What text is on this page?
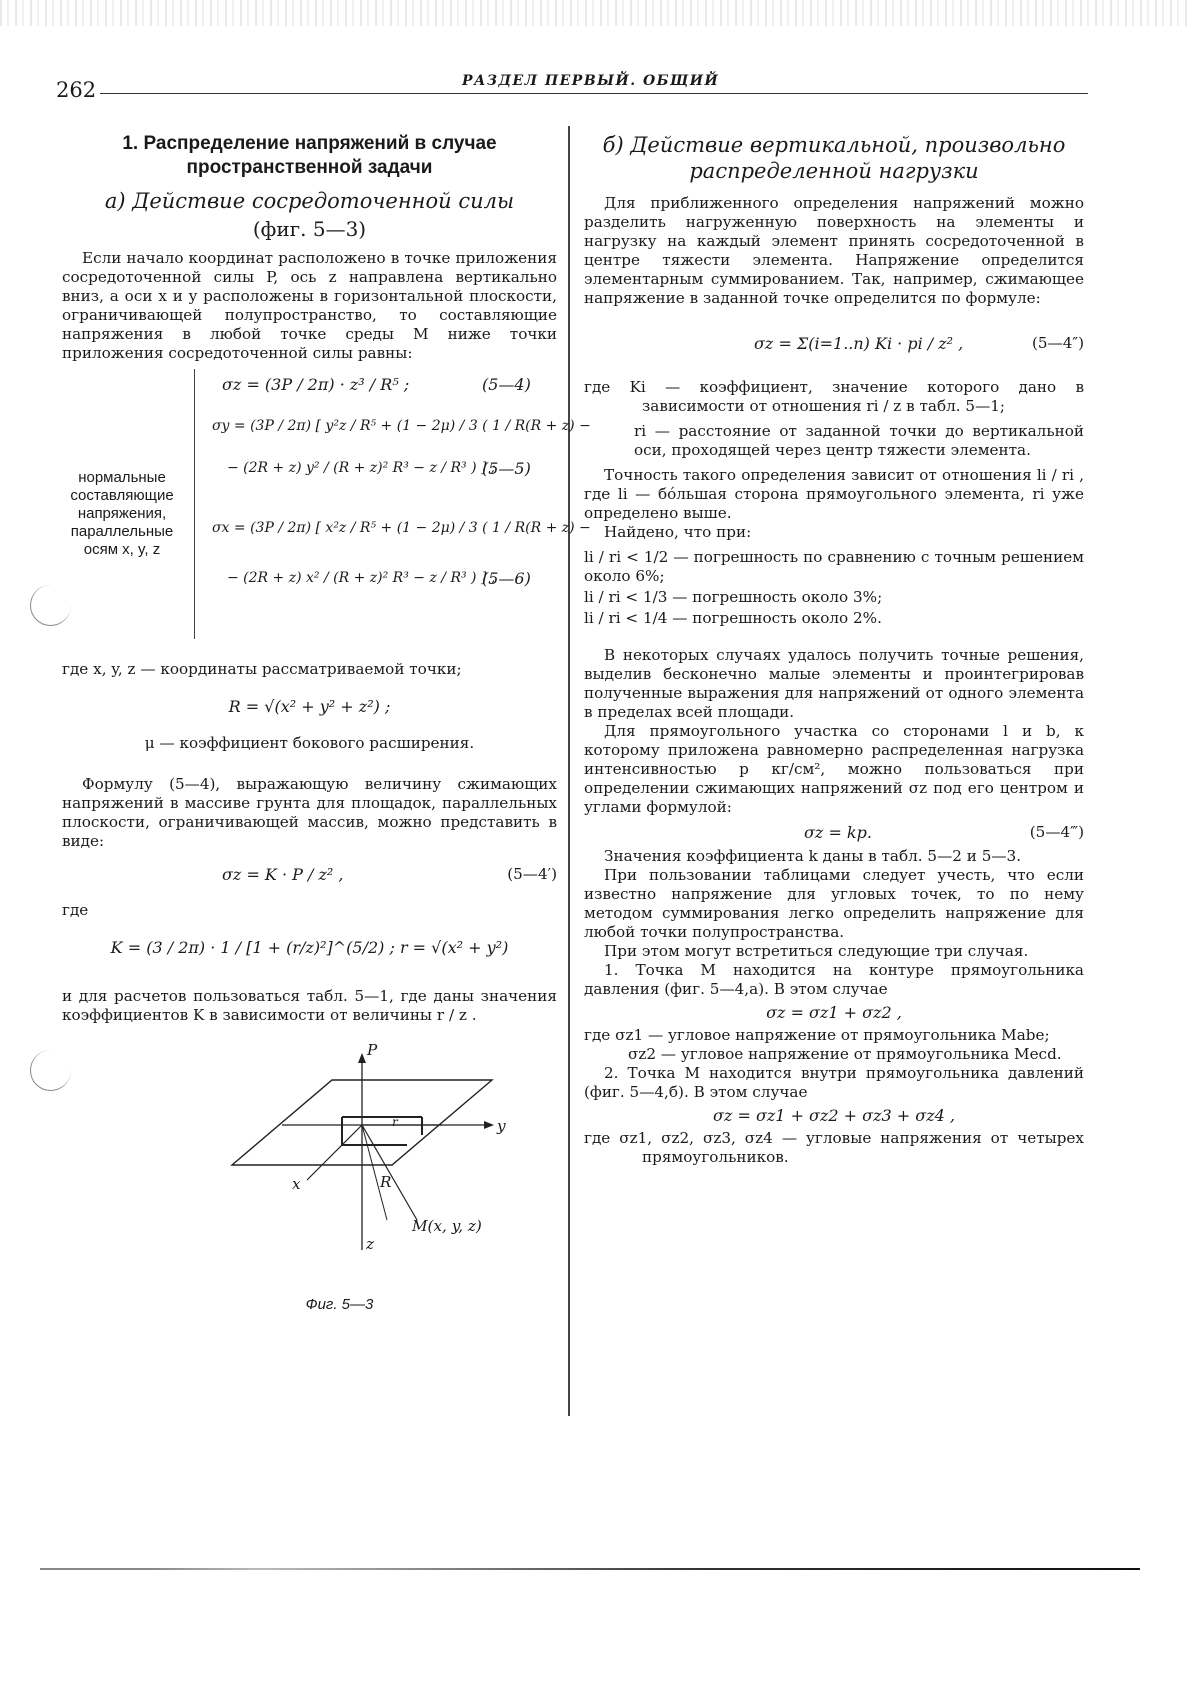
262	РАЗДЕЛ ПЕРВЫЙ. ОБЩИЙ
1. Распределение напряжений в случае пространственной задачи
а) Действие сосредоточенной силы
(фиг. 5—3)

Если начало координат расположено в точке приложения сосредоточенной силы P, ось z направлена вертикально вниз, а оси x и y расположены в горизонтальной плоскости, ограничивающей полупространство, то составляющие напряжения в любой точке среды M ниже точки приложения сосредоточенной силы равны:

нормальные составляющие напряжения, параллельные осям x, y, z
σz = (3P / 2π) · z³ / R⁵ ;	(5—4)
σy = (3P / 2π) [ y²z / R⁵ + (1 − 2μ) / 3 ( 1 / R(R + z) −
− (2R + z) y² / (R + z)² R³ − z / R³ ) ] ;
(5—5)
σx = (3P / 2π) [ x²z / R⁵ + (1 − 2μ) / 3 ( 1 / R(R + z) −
− (2R + z) x² / (R + z)² R³ − z / R³ ) ] ,
(5—6)

где x, y, z — координаты рассматриваемой точки;

R = √(x² + y² + z²) ;
μ — коэффициент бокового расширения.

Формулу (5—4), выражающую величину сжимающих напряжений в массиве грунта для площадок, параллельных плоскости, ограничивающей массив, можно представить в виде:

σz = K · P / z² ,	(5—4′)

где

K = (3 / 2π) · 1 / [1 + (r/z)²]^(5/2) ; r = √(x² + y²)

и для расчетов пользоваться табл. 5—1, где даны значения коэффициентов K в зависимости от величины r / z .

P
y
x
r
R
z
M(x, y, z)
Фиг. 5—3
б) Действие вертикальной, произвольно распределенной нагрузки

Для приближенного определения напряжений можно разделить нагруженную поверхность на элементы и нагрузку на каждый элемент принять сосредоточенной в центре тяжести элемента. Напряжение определится элементарным суммированием. Так, например, сжимающее напряжение в заданной точке определится по формуле:

σz = Σ(i=1..n) Ki · pi / z² ,	(5—4″)

где Ki — коэффициент, значение которого дано в зависимости от отношения ri / z в табл. 5—1;

ri — расстояние от заданной точки до вертикальной оси, проходящей через центр тяжести элемента.

Точность такого определения зависит от отношения li / ri , где li — бóльшая сторона прямоугольного элемента, ri уже определено выше.

Найдено, что при:

li / ri < 1/2 — погрешность по сравнению с точным решением около 6%;

li / ri < 1/3 — погрешность около 3%;

li / ri < 1/4 — погрешность около 2%.

В некоторых случаях удалось получить точные решения, выделив бесконечно малые элементы и проинтегрировав полученные выражения для напряжений от одного элемента в пределах всей площади.

Для прямоугольного участка со сторонами l и b, к которому приложена равномерно распределенная нагрузка интенсивностью p кг/см², можно пользоваться при определении сжимающих напряжений σz под его центром и углами формулой:

σz = kp.	(5—4‴)

Значения коэффициента k даны в табл. 5—2 и 5—3.

При пользовании таблицами следует учесть, что если известно напряжение для угловых точек, то по нему методом суммирования легко определить напряжение для любой точки полупространства.

При этом могут встретиться следующие три случая.

1. Точка M находится на контуре прямоугольника давления (фиг. 5—4,а). В этом случае

σz = σz1 + σz2 ,

где σz1 — угловое напряжение от прямоугольника Mabe;

σz2 — угловое напряжение от прямоугольника Mecd.

2. Точка M находится внутри прямоугольника давлений (фиг. 5—4,б). В этом случае

σz = σz1 + σz2 + σz3 + σz4 ,

где σz1, σz2, σz3, σz4 — угловые напряжения от четырех прямоугольников.
